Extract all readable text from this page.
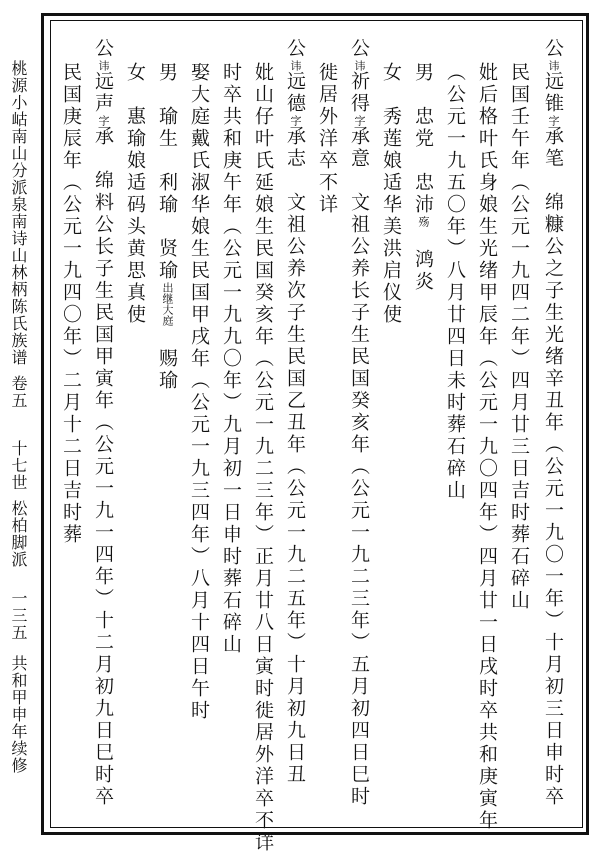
桃源小岵南山分派泉南诗山林柄陈氏族谱
卷五
十七世
松柏脚派
一三五
共和甲申年续修
公讳远锥字承笔绵糠公之子生光绪辛丑年（公元一九〇一年）十月初三日申时卒
民国壬午年（公元一九四二年）四月廿三日吉时葬石碎山
妣后格叶氏身娘生光绪甲辰年（公元一九〇四年）四月廿一日戌时卒共和庚寅年
（公元一九五〇年）八月廿四日未时葬石碎山
男忠党忠沛殇鸿炎
女秀莲娘适华美洪启仪使
公讳祈得字承意文祖公养长子生民国癸亥年（公元一九二三年）五月初四日巳时
徙居外洋卒不详
公讳远德字承志文祖公养次子生民国乙丑年（公元一九二五年）十月初九日丑
妣山仔叶氏延娘生民国癸亥年（公元一九二三年）正月廿八日寅时徙居外洋卒不详
时卒共和庚午年（公元一九九〇年）九月初一日申时葬石碎山
娶大庭戴氏淑华娘生民国甲戌年（公元一九三四年）八月十四日午时
男瑜生利瑜贤瑜出继大庭赐瑜
女惠瑜娘适码头黄思真使
公讳远声字承绵料公长子生民国甲寅年（公元一九一四年）十二月初九日巳时卒
民国庚辰年（公元一九四〇年）二月十二日吉时葬
